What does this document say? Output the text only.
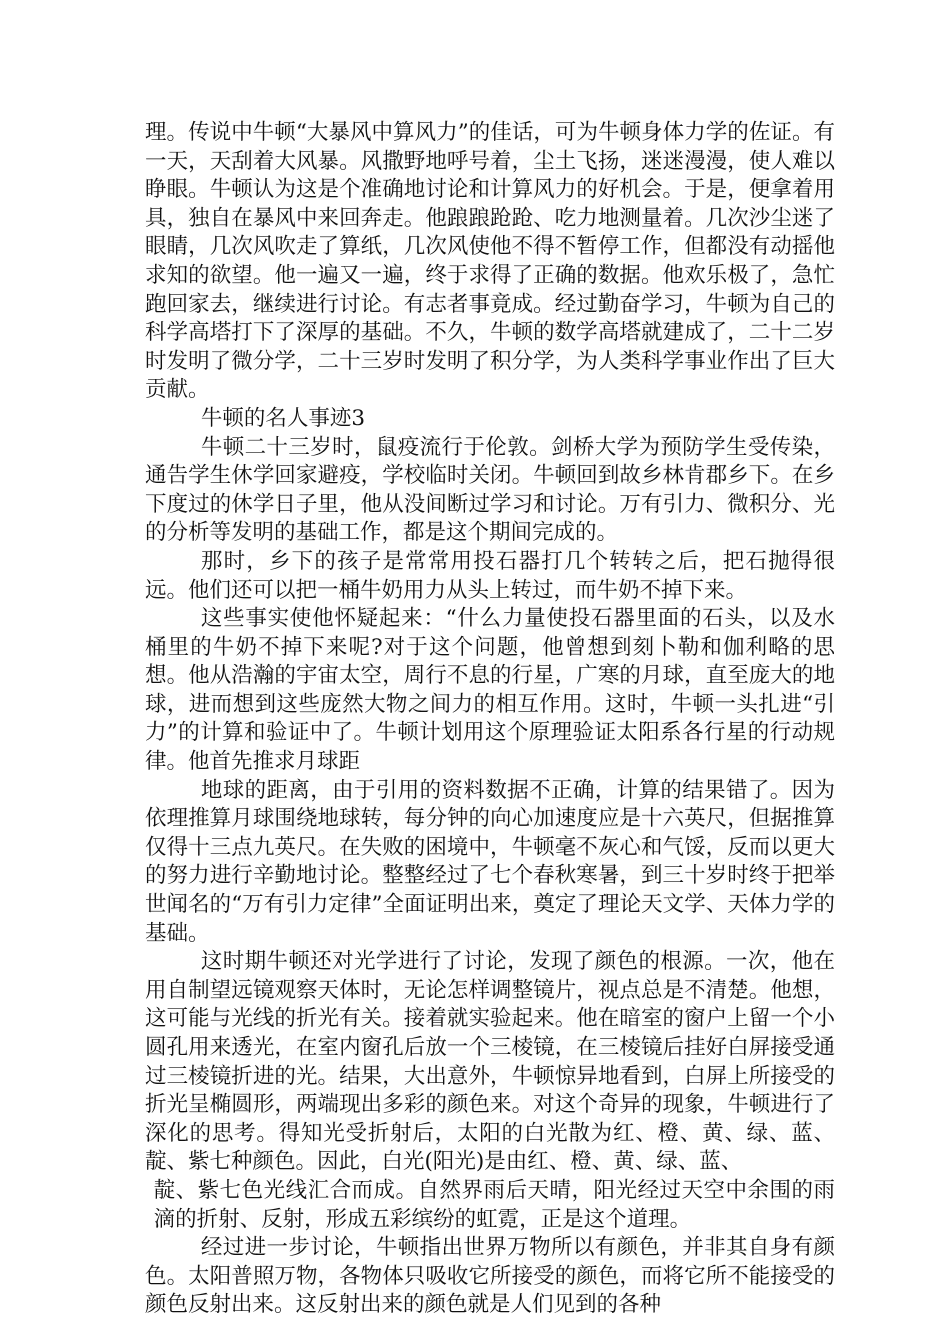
理。传说中牛顿“大暴风中算风力”的佳话，可为牛顿身体力学的佐证。有一天，天刮着大风暴。风撒野地呼号着，尘土飞扬，迷迷漫漫，使人难以睁眼。牛顿认为这是个准确地讨论和计算风力的好机会。于是，便拿着用具，独自在暴风中来回奔走。他踉踉跄跄、吃力地测量着。几次沙尘迷了眼睛，几次风吹走了算纸，几次风使他不得不暂停工作，但都没有动摇他求知的欲望。他一遍又一遍，终于求得了正确的数据。他欢乐极了，急忙跑回家去，继续进行讨论。有志者事竟成。经过勤奋学习，牛顿为自己的科学高塔打下了深厚的基础。不久，牛顿的数学高塔就建成了，二十二岁时发明了微分学，二十三岁时发明了积分学，为人类科学事业作出了巨大贡献。

牛顿的名人事迹3

牛顿二十三岁时，鼠疫流行于伦敦。剑桥大学为预防学生受传染，通告学生休学回家避疫，学校临时关闭。牛顿回到故乡林肯郡乡下。在乡下度过的休学日子里，他从没间断过学习和讨论。万有引力、微积分、光的分析等发明的基础工作，都是这个期间完成的。

那时，乡下的孩子是常常用投石器打几个转转之后，把石抛得很远。他们还可以把一桶牛奶用力从头上转过，而牛奶不掉下来。

这些事实使他怀疑起来：“什么力量使投石器里面的石头，以及水桶里的牛奶不掉下来呢?对于这个问题，他曾想到刻卜勒和伽利略的思想。他从浩瀚的宇宙太空，周行不息的行星，广寒的月球，直至庞大的地球，进而想到这些庞然大物之间力的相互作用。这时，牛顿一头扎进“引力”的计算和验证中了。牛顿计划用这个原理验证太阳系各行星的行动规律。他首先推求月球距

地球的距离，由于引用的资料数据不正确，计算的结果错了。因为依理推算月球围绕地球转，每分钟的向心加速度应是十六英尺，但据推算仅得十三点九英尺。在失败的困境中，牛顿毫不灰心和气馁，反而以更大的努力进行辛勤地讨论。整整经过了七个春秋寒暑，到三十岁时终于把举世闻名的“万有引力定律”全面证明出来，奠定了理论天文学、天体力学的基础。

这时期牛顿还对光学进行了讨论，发现了颜色的根源。一次，他在用自制望远镜观察天体时，无论怎样调整镜片，视点总是不清楚。他想，这可能与光线的折光有关。接着就实验起来。他在暗室的窗户上留一个小圆孔用来透光，在室内窗孔后放一个三棱镜，在三棱镜后挂好白屏接受通过三棱镜折进的光。结果，大出意外，牛顿惊异地看到，白屏上所接受的折光呈椭圆形，两端现出多彩的颜色来。对这个奇异的现象，牛顿进行了深化的思考。得知光受折射后，太阳的白光散为红、橙、黄、绿、蓝、靛、紫七种颜色。因此，白光(阳光)是由红、橙、黄、绿、蓝、

靛、紫七色光线汇合而成。自然界雨后天晴，阳光经过天空中余围的雨滴的折射、反射，形成五彩缤纷的虹霓，正是这个道理。

经过进一步讨论，牛顿指出世界万物所以有颜色，并非其自身有颜色。太阳普照万物，各物体只吸收它所接受的颜色，而将它所不能接受的颜色反射出来。这反射出来的颜色就是人们见到的各种
